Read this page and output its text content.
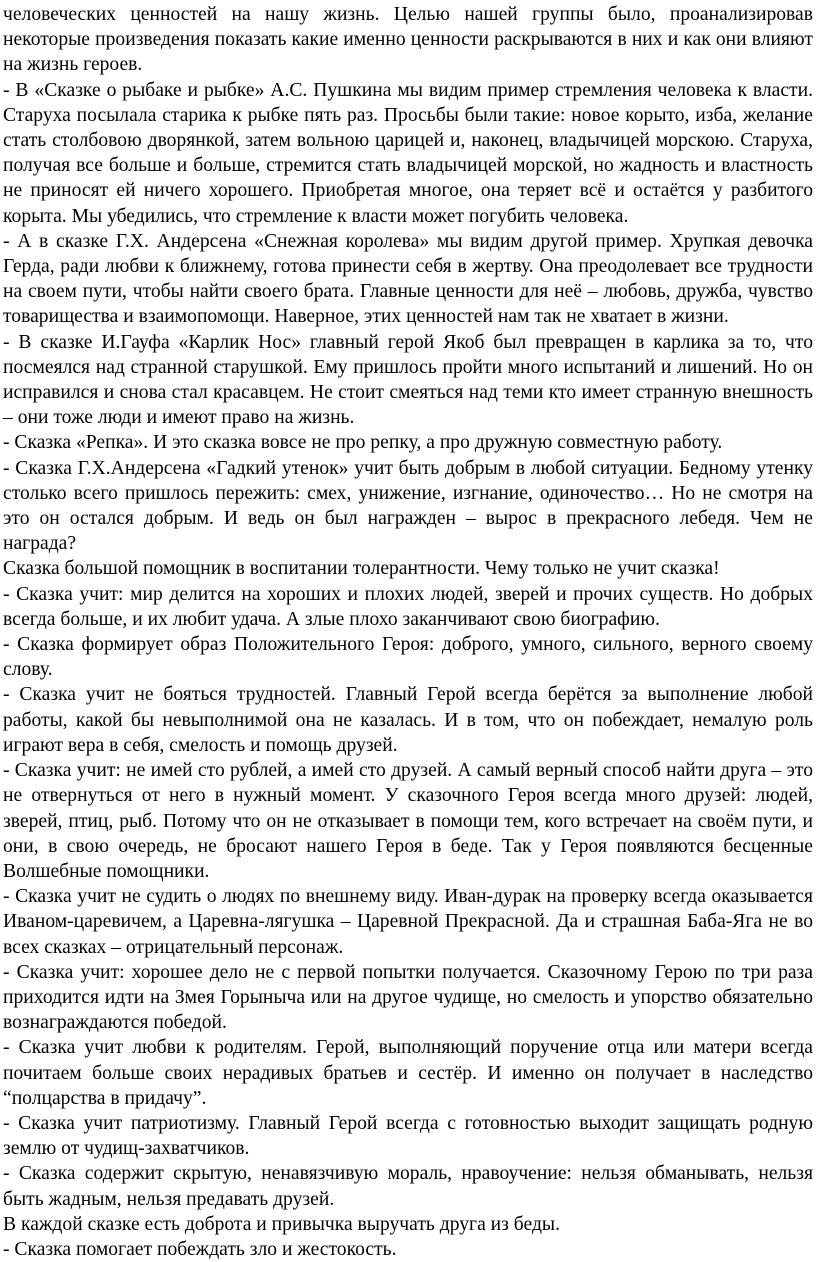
человеческих ценностей на нашу жизнь. Целью нашей группы было, проанализировав некоторые произведения показать какие именно ценности раскрываются в них и как они влияют на жизнь героев.

- В «Сказке о рыбаке и рыбке» А.С. Пушкина мы видим пример стремления человека к власти. Старуха посылала старика к рыбке пять раз. Просьбы были такие: новое корыто, изба, желание стать столбовою дворянкой, затем вольною царицей и, наконец, владычицей морскою. Старуха, получая все больше и больше, стремится стать владычицей морской, но жадность и властность не приносят ей ничего хорошего. Приобретая многое, она теряет всё и остаётся у разбитого корыта. Мы убедились, что стремление к власти может погубить человека.

- А в сказке Г.Х. Андерсена «Снежная королева» мы видим другой пример. Хрупкая девочка Герда, ради любви к ближнему, готова принести себя в жертву. Она преодолевает все трудности на своем пути, чтобы найти своего брата. Главные ценности для неё – любовь, дружба, чувство товарищества и взаимопомощи. Наверное, этих ценностей нам так не хватает в жизни.

- В сказке И.Гауфа «Карлик Нос» главный герой Якоб был превращен в карлика за то, что посмеялся над странной старушкой. Ему пришлось пройти много испытаний и лишений. Но он исправился и снова стал красавцем. Не стоит смеяться над теми кто имеет странную внешность – они тоже люди и имеют право на жизнь.

- Сказка «Репка». И это сказка вовсе не про репку, а про дружную совместную работу.

- Сказка Г.Х.Андерсена «Гадкий утенок» учит быть добрым в любой ситуации. Бедному утенку столько всего пришлось пережить: смех, унижение, изгнание, одиночество… Но не смотря на это он остался добрым. И ведь он был награжден – вырос в прекрасного лебедя. Чем не награда?

Сказка большой помощник в воспитании толерантности. Чему только не учит сказка!

- Сказка учит: мир делится на хороших и плохих людей, зверей и прочих существ. Но добрых всегда больше, и их любит удача. А злые плохо заканчивают свою биографию.

- Сказка формирует образ Положительного Героя: доброго, умного, сильного, верного своему слову.

- Сказка учит не бояться трудностей. Главный Герой всегда берётся за выполнение любой работы, какой бы невыполнимой она не казалась. И в том, что он побеждает, немалую роль играют вера в себя, смелость и помощь друзей.

- Сказка учит: не имей сто рублей, а имей сто друзей. А самый верный способ найти друга – это не отвернуться от него в нужный момент. У сказочного Героя всегда много друзей: людей, зверей, птиц, рыб. Потому что он не отказывает в помощи тем, кого встречает на своём пути, и они, в свою очередь, не бросают нашего Героя в беде. Так у Героя появляются бесценные Волшебные помощники.

- Сказка учит не судить о людях по внешнему виду. Иван-дурак на проверку всегда оказывается Иваном-царевичем, а Царевна-лягушка – Царевной Прекрасной. Да и страшная Баба-Яга не во всех сказках – отрицательный персонаж.

- Сказка учит: хорошее дело не с первой попытки получается. Сказочному Герою по три раза приходится идти на Змея Горыныча или на другое чудище, но смелость и упорство обязательно вознаграждаются победой.

- Сказка учит любви к родителям. Герой, выполняющий поручение отца или матери всегда почитаем больше своих нерадивых братьев и сестёр. И именно он получает в наследство “полцарства в придачу”.

- Сказка учит патриотизму. Главный Герой всегда с готовностью выходит защищать родную землю от чудищ-захватчиков.

- Сказка содержит скрытую, ненавязчивую мораль, нравоучение: нельзя обманывать, нельзя быть жадным, нельзя предавать друзей.

В каждой сказке есть доброта и привычка выручать друга из беды.

- Сказка помогает побеждать зло и жестокость.
